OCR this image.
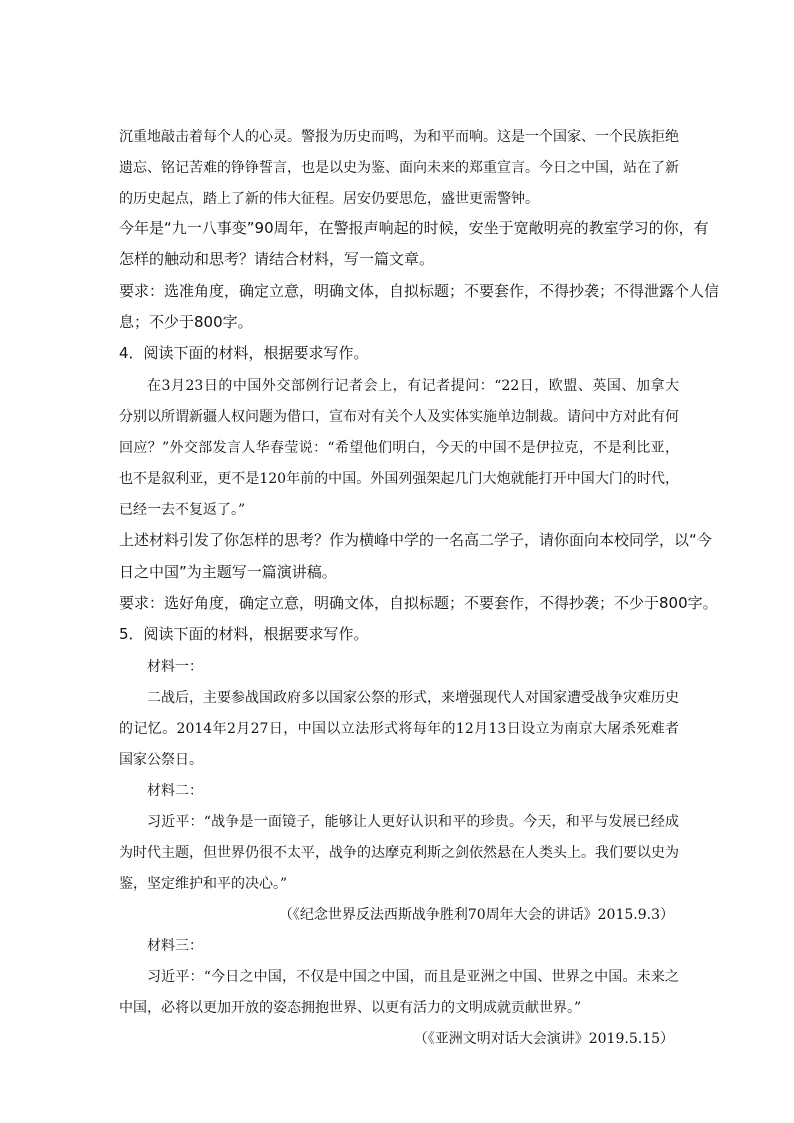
沉重地敲击着每个人的心灵。警报为历史而鸣，为和平而响。这是一个国家、一个民族拒绝

遗忘、铭记苦难的铮铮誓言，也是以史为鉴、面向未来的郑重宣言。今日之中国，站在了新

的历史起点，踏上了新的伟大征程。居安仍要思危，盛世更需警钟。

今年是“九一八事变”90周年，在警报声响起的时候，安坐于宽敞明亮的教室学习的你，有

怎样的触动和思考？请结合材料，写一篇文章。

要求：选准角度，确定立意，明确文体，自拟标题；不要套作，不得抄袭；不得泄露个人信

息；不少于800字。

4．阅读下面的材料，根据要求写作。

在3月23日的中国外交部例行记者会上，有记者提问：“22日，欧盟、英国、加拿大

分别以所谓新疆人权问题为借口，宣布对有关个人及实体实施单边制裁。请问中方对此有何

回应？”外交部发言人华春莹说：“希望他们明白，今天的中国不是伊拉克，不是利比亚，

也不是叙利亚，更不是120年前的中国。外国列强架起几门大炮就能打开中国大门的时代，

已经一去不复返了。”

上述材料引发了你怎样的思考？作为横峰中学的一名高二学子，请你面向本校同学，以“今

日之中国”为主题写一篇演讲稿。

要求：选好角度，确定立意，明确文体，自拟标题；不要套作，不得抄袭；不少于800字。

5．阅读下面的材料，根据要求写作。

材料一：

二战后，主要参战国政府多以国家公祭的形式，来增强现代人对国家遭受战争灾难历史

的记忆。2014年2月27日，中国以立法形式将每年的12月13日设立为南京大屠杀死难者

国家公祭日。

材料二：

习近平：“战争是一面镜子，能够让人更好认识和平的珍贵。今天，和平与发展已经成

为时代主题，但世界仍很不太平，战争的达摩克利斯之剑依然悬在人类头上。我们要以史为

鉴，坚定维护和平的决心。”

（《纪念世界反法西斯战争胜利70周年大会的讲话》2015.9.3）

材料三：

习近平：“今日之中国，不仅是中国之中国，而且是亚洲之中国、世界之中国。未来之

中国，必将以更加开放的姿态拥抱世界、以更有活力的文明成就贡献世界。”

（《亚洲文明对话大会演讲》2019.5.15）
